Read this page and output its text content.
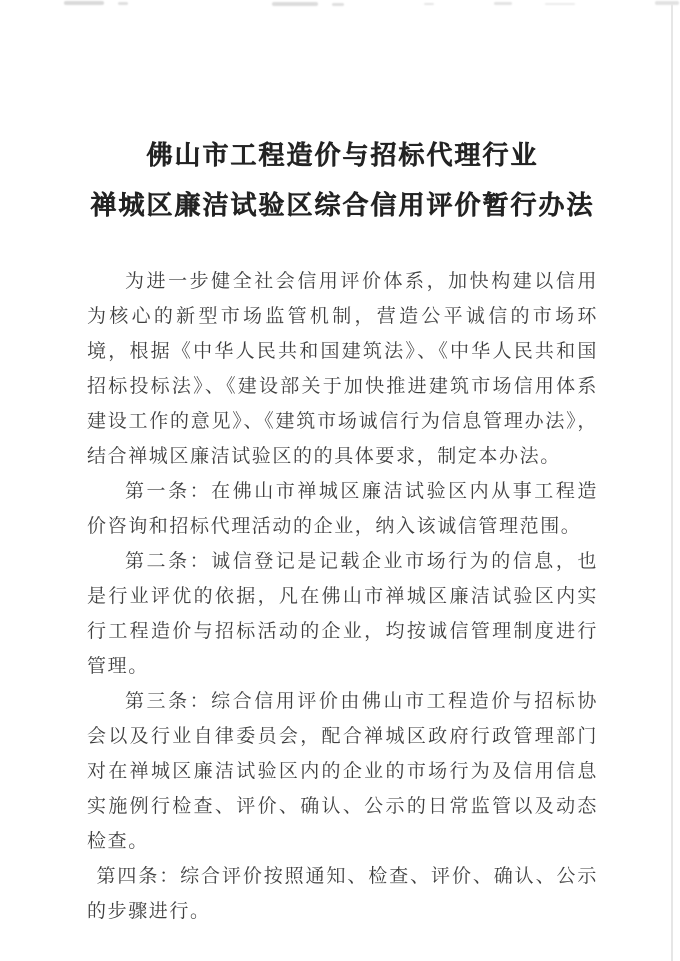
佛山市工程造价与招标代理行业
禅城区廉洁试验区综合信用评价暂行办法

为进一步健全社会信用评价体系，加快构建以信用为核心的新型市场监管机制，营造公平诚信的市场环境，根据《中华人民共和国建筑法》、《中华人民共和国招标投标法》、《建设部关于加快推进建筑市场信用体系建设工作的意见》、《建筑市场诚信行为信息管理办法》，结合禅城区廉洁试验区的的具体要求，制定本办法。

第一条：在佛山市禅城区廉洁试验区内从事工程造价咨询和招标代理活动的企业，纳入该诚信管理范围。

第二条：诚信登记是记载企业市场行为的信息，也是行业评优的依据，凡在佛山市禅城区廉洁试验区内实行工程造价与招标活动的企业，均按诚信管理制度进行管理。

第三条：综合信用评价由佛山市工程造价与招标协会以及行业自律委员会，配合禅城区政府行政管理部门对在禅城区廉洁试验区内的企业的市场行为及信用信息实施例行检查、评价、确认、公示的日常监管以及动态检查。

第四条：综合评价按照通知、检查、评价、确认、公示的步骤进行。
